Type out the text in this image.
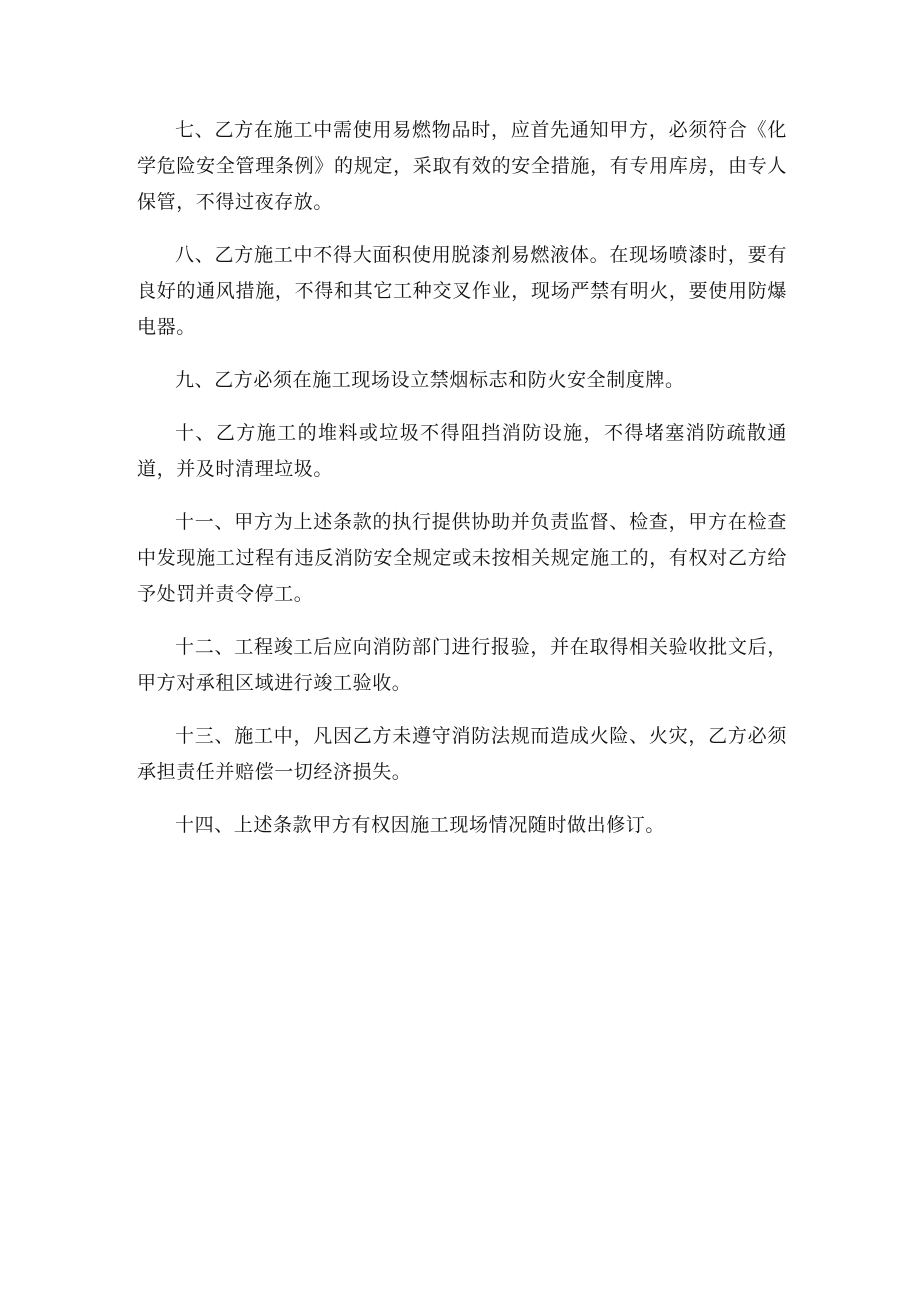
七、乙方在施工中需使用易燃物品时，应首先通知甲方，必须符合《化学危险安全管理条例》的规定，采取有效的安全措施，有专用库房，由专人保管，不得过夜存放。

八、乙方施工中不得大面积使用脱漆剂易燃液体。在现场喷漆时，要有良好的通风措施，不得和其它工种交叉作业，现场严禁有明火，要使用防爆电器。

九、乙方必须在施工现场设立禁烟标志和防火安全制度牌。

十、乙方施工的堆料或垃圾不得阻挡消防设施，不得堵塞消防疏散通道，并及时清理垃圾。

十一、甲方为上述条款的执行提供协助并负责监督、检查，甲方在检查中发现施工过程有违反消防安全规定或未按相关规定施工的，有权对乙方给予处罚并责令停工。

十二、工程竣工后应向消防部门进行报验，并在取得相关验收批文后，甲方对承租区域进行竣工验收。

十三、施工中，凡因乙方未遵守消防法规而造成火险、火灾，乙方必须承担责任并赔偿一切经济损失。

十四、上述条款甲方有权因施工现场情况随时做出修订。
